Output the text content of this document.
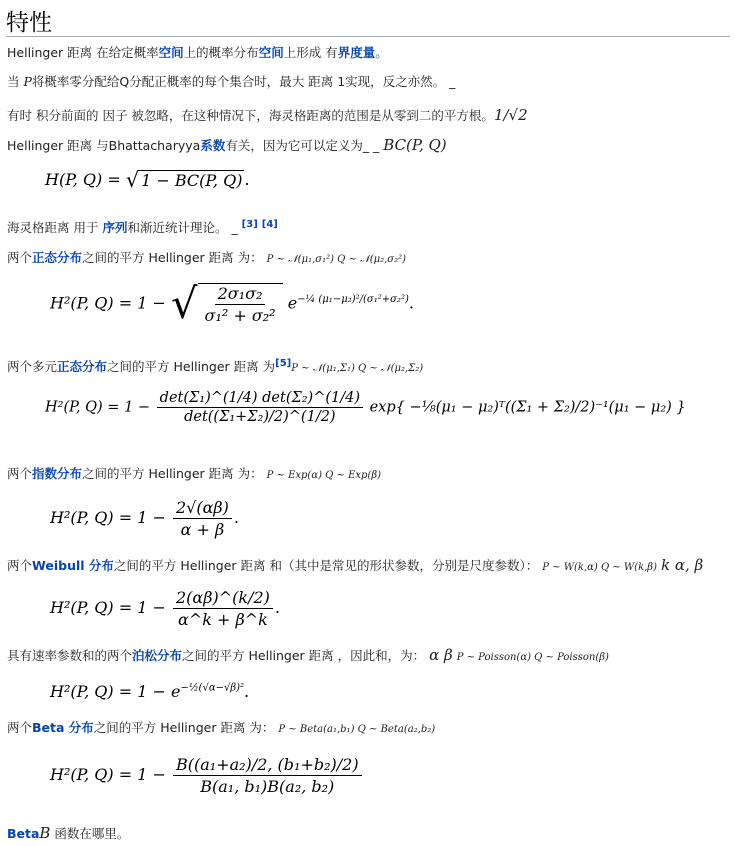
特性
Hellinger 距离 在给定概率空间上的概率分布空间上形成 有界度量。
当 P将概率零分配给Q分配正概率的每个集合时，最大 距离 1实现，反之亦然。 _
有时 积分前面的 因子 被忽略，在这种情况下，海灵格距离的范围是从零到二的平方根。1/√2
Hellinger 距离 与Bhattacharyya系数有关，因为它可以定义为_ _ BC(P, Q)
H(P, Q) = √ 1 − BC(P, Q) .
海灵格距离 用于 序列和渐近统计理论。 _ [3] [4]
两个正态分布之间的平方 Hellinger 距离 为： P ~ 𝒩(μ₁,σ₁²) Q ~ 𝒩(μ₂,σ₂²)
H²(P, Q) = 1 − √ $\frac{\text{2σ₁σ₂}}{\text{σ₁² + σ₂²}} e^{-\frac{1}{4} (\mu_1-\mu_2)^2/(\sigma_1^2+\sigma_2^2)}$.
两个多元正态分布之间的平方 Hellinger 距离 为[5]P ~ 𝒩(μ₁,Σ₁) Q ~ 𝒩(μ₂,Σ₂)
H²(P, $Q) = 1 - \frac{\text{det(Σ₁)\textasciicircum{}(1/4) det(Σ₂)\textasciicircum{}(1/4)}}{\text{det((Σ₁+Σ₂)/2)\textasciicircum{}(1/2)}} \exp${ −⅛(μ₁ − μ₂)ᵀ((Σ₁ + Σ₂)/2)⁻¹(μ₁ − μ₂) }
两个指数分布之间的平方 Hellinger 距离 为： P ~ Exp(α) Q ~ Exp(β)
H²(P, $Q) = 1 - \frac{2√(\alpha\beta)}{\alpha + \beta}$ .
两个Weibull 分布之间的平方 Hellinger 距离 和（其中是常见的形状参数，分别是尺度参数）： P ~ W(k,α) Q ~ W(k,β) k α, β
H²(P, $Q) = 1 - \frac{2(\alpha\beta)\^{}(k/2)}{\alpha\^{}k + \beta\^{}k}$ .
具有速率参数和的两个泊松分布之间的平方 Hellinger 距离 ，因此和，为： α β P ~ Poisson(α) Q ~ Poisson(β)
H²(P, $Q) = 1 - e^{-\frac{1}{2}(√\alpha-√\beta)^2}$.
两个Beta 分布之间的平方 Hellinger 距离 为： P ~ Beta(a₁,b₁) Q ~ Beta(a₂,b₂)
H²(P, $Q) = 1 - \frac{\text{B((a₁+a₂)/2, (b₁+b₂)/2)}}{\text{B(a₁, b₁)B(a₂, b₂)}}$
BetaB 函数在哪里。
